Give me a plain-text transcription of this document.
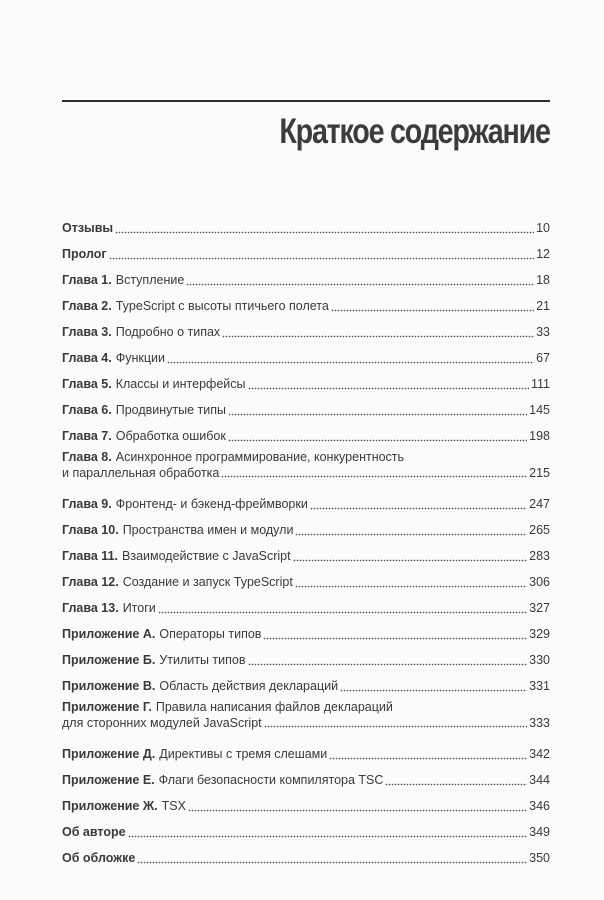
Краткое содержание
Отзывы	10
Пролог	12
Глава 1. Вступление	18
Глава 2. TypeScript с высоты птичьего полета	21
Глава 3. Подробно о типах	33
Глава 4. Функции	67
Глава 5. Классы и интерфейсы	111
Глава 6. Продвинутые типы	145
Глава 7. Обработка ошибок	198
Глава 8. Асинхронное программирование, конкурентность
и параллельная обработка	215
Глава 9. Фронтенд- и бэкенд-фреймворки	247
Глава 10. Пространства имен и модули	265
Глава 11. Взаимодействие с JavaScript	283
Глава 12. Создание и запуск TypeScript	306
Глава 13. Итоги	327
Приложение А. Операторы типов	329
Приложение Б. Утилиты типов	330
Приложение В. Область действия деклараций	331
Приложение Г. Правила написания файлов деклараций
для сторонних модулей JavaScript	333
Приложение Д. Директивы с тремя слешами	342
Приложение Е. Флаги безопасности компилятора TSC	344
Приложение Ж. TSX	346
Об авторе	349
Об обложке	350
